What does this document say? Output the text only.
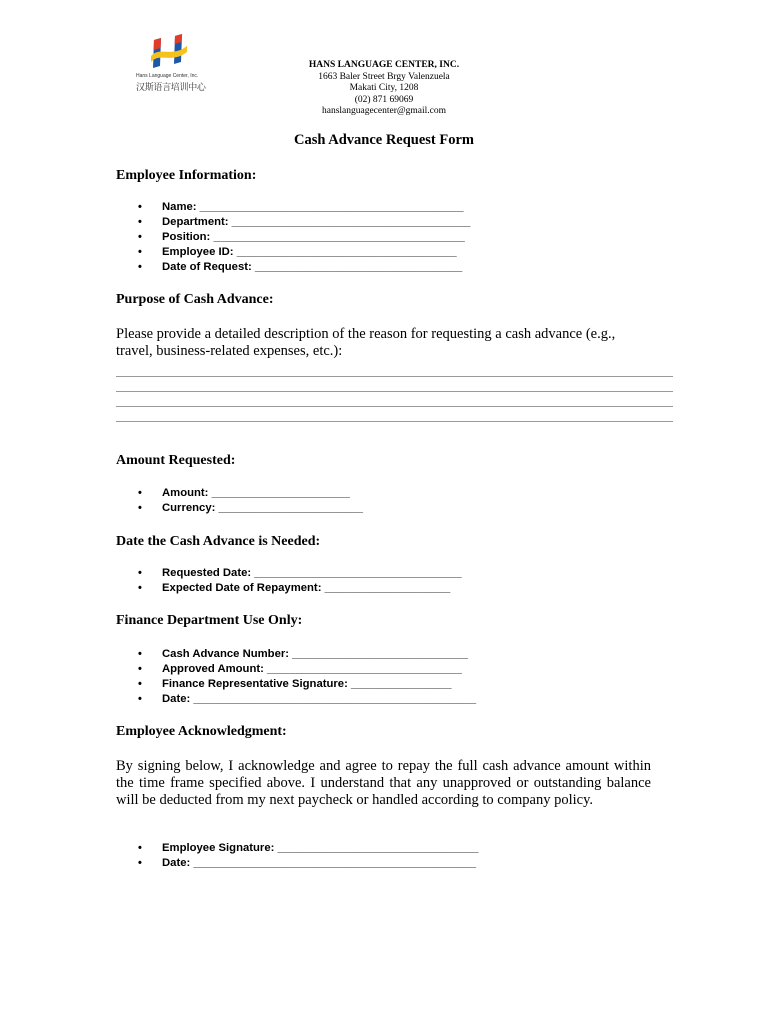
Hans Language Center, Inc.
汉斯语言培训中心
HANS LANGUAGE CENTER, INC.
1663 Baler Street Brgy Valenzuela
Makati City, 1208
(02) 871 69069
hanslanguagecenter@gmail.com
Cash Advance Request Form
Employee Information:
• Name: __________________________________________
• Department: ______________________________________
• Position: ________________________________________
• Employee ID: ___________________________________
• Date of Request: _________________________________
Purpose of Cash Advance:
Please provide a detailed description of the reason for requesting a cash advance (e.g., travel, business-related expenses, etc.):
Amount Requested:
• Amount: ______________________
• Currency: _______________________
Date the Cash Advance is Needed:
• Requested Date: _________________________________
• Expected Date of Repayment: ____________________
Finance Department Use Only:
• Cash Advance Number: ____________________________
• Approved Amount: _______________________________
• Finance Representative Signature: ________________
• Date: _____________________________________________
Employee Acknowledgment:
By signing below, I acknowledge and agree to repay the full cash advance amount within the time frame specified above. I understand that any unapproved or outstanding balance will be deducted from my next paycheck or handled according to company policy.
• Employee Signature: ________________________________
• Date: _____________________________________________
